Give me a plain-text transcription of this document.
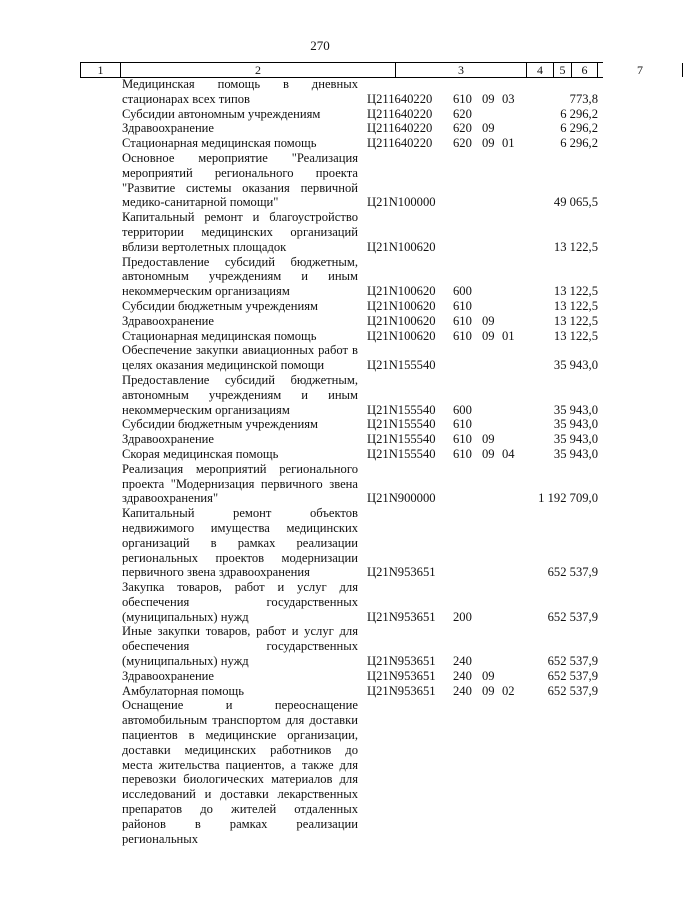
270
1	2	3	4	5	6	7
Медицинская помощь в дневных стационарах всех типов	Ц211640220 610 09 03	773,8
Субсидии автономным учреждениям	Ц211640220 620	6 296,2
Здравоохранение	Ц211640220 620 09	6 296,2
Стационарная медицинская помощь	Ц211640220 620 09 01	6 296,2
Основное мероприятие "Реализация мероприятий регионального проекта "Развитие системы оказания первичной медико-санитарной помощи"	Ц21N100000	49 065,5
Капитальный ремонт и благоустройство территории медицинских организаций вблизи вертолетных площадок	Ц21N100620	13 122,5
Предоставление субсидий бюджетным, автономным учреждениям и иным некоммерческим организациям	Ц21N100620 600	13 122,5
Субсидии бюджетным учреждениям	Ц21N100620 610	13 122,5
Здравоохранение	Ц21N100620 610 09	13 122,5
Стационарная медицинская помощь	Ц21N100620 610 09 01	13 122,5
Обеспечение закупки авиационных работ в целях оказания медицинской помощи	Ц21N155540	35 943,0
Предоставление субсидий бюджетным, автономным учреждениям и иным некоммерческим организациям	Ц21N155540 600	35 943,0
Субсидии бюджетным учреждениям	Ц21N155540 610	35 943,0
Здравоохранение	Ц21N155540 610 09	35 943,0
Скорая медицинская помощь	Ц21N155540 610 09 04	35 943,0
Реализация мероприятий регионального проекта "Модернизация первичного звена здравоохранения"	Ц21N900000	1 192 709,0
Капитальный ремонт объектов недвижимого имущества медицинских организаций в рамках реализации региональных проектов модернизации первичного звена здравоохранения	Ц21N953651	652 537,9
Закупка товаров, работ и услуг для обеспечения государственных (муниципальных) нужд	Ц21N953651 200	652 537,9
Иные закупки товаров, работ и услуг для обеспечения государственных (муниципальных) нужд	Ц21N953651 240	652 537,9
Здравоохранение	Ц21N953651 240 09	652 537,9
Амбулаторная помощь	Ц21N953651 240 09 02	652 537,9
Оснащение и переоснащение автомобильным транспортом для доставки пациентов в медицинские организации, доставки медицинских работников до места жительства пациентов, а также для перевозки биологических материалов для исследований и доставки лекарственных препаратов до жителей отдаленных районов в рамках реализации региональных
